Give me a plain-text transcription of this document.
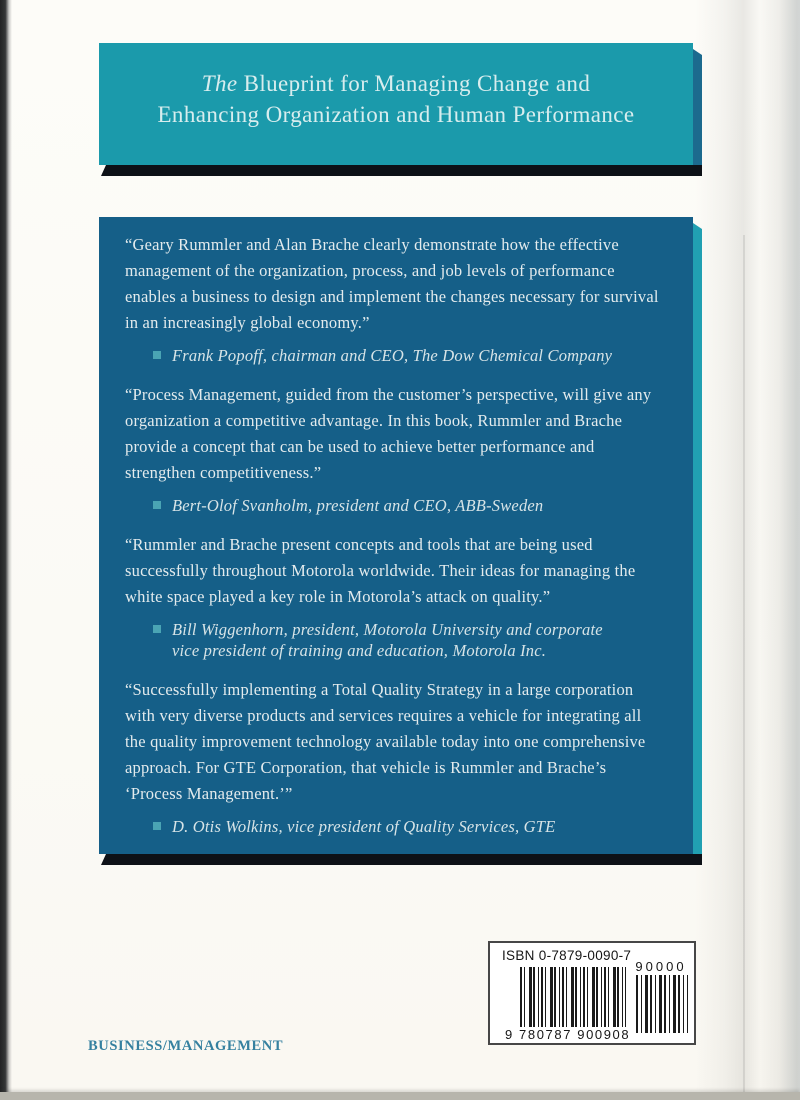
The Blueprint for Managing Change and
Enhancing Organization and Human Performance
“Geary Rummler and Alan Brache clearly demonstrate how the effective management of the organization, process, and job levels of performance enables a business to design and implement the changes necessary for survival in an increasingly global economy.”
Frank Popoff, chairman and CEO, The Dow Chemical Company
“Process Management, guided from the customer’s perspective, will give any organization a competitive advantage. In this book, Rummler and Brache provide a concept that can be used to achieve better performance and strengthen competitiveness.”
Bert-Olof Svanholm, president and CEO, ABB-Sweden
“Rummler and Brache present concepts and tools that are being used successfully throughout Motorola worldwide. Their ideas for managing the white space played a key role in Motorola’s attack on quality.”
Bill Wiggenhorn, president, Motorola University and corporate vice president of training and education, Motorola Inc.
“Successfully implementing a Total Quality Strategy in a large corporation with very diverse products and services requires a vehicle for integrating all the quality improvement technology available today into one comprehensive approach. For GTE Corporation, that vehicle is Rummler and Brache’s ‘Process Management.’”
D. Otis Wolkins, vice president of Quality Services, GTE
ISBN 0-7879-0090-7
9 780787 900908
90000
BUSINESS/MANAGEMENT
